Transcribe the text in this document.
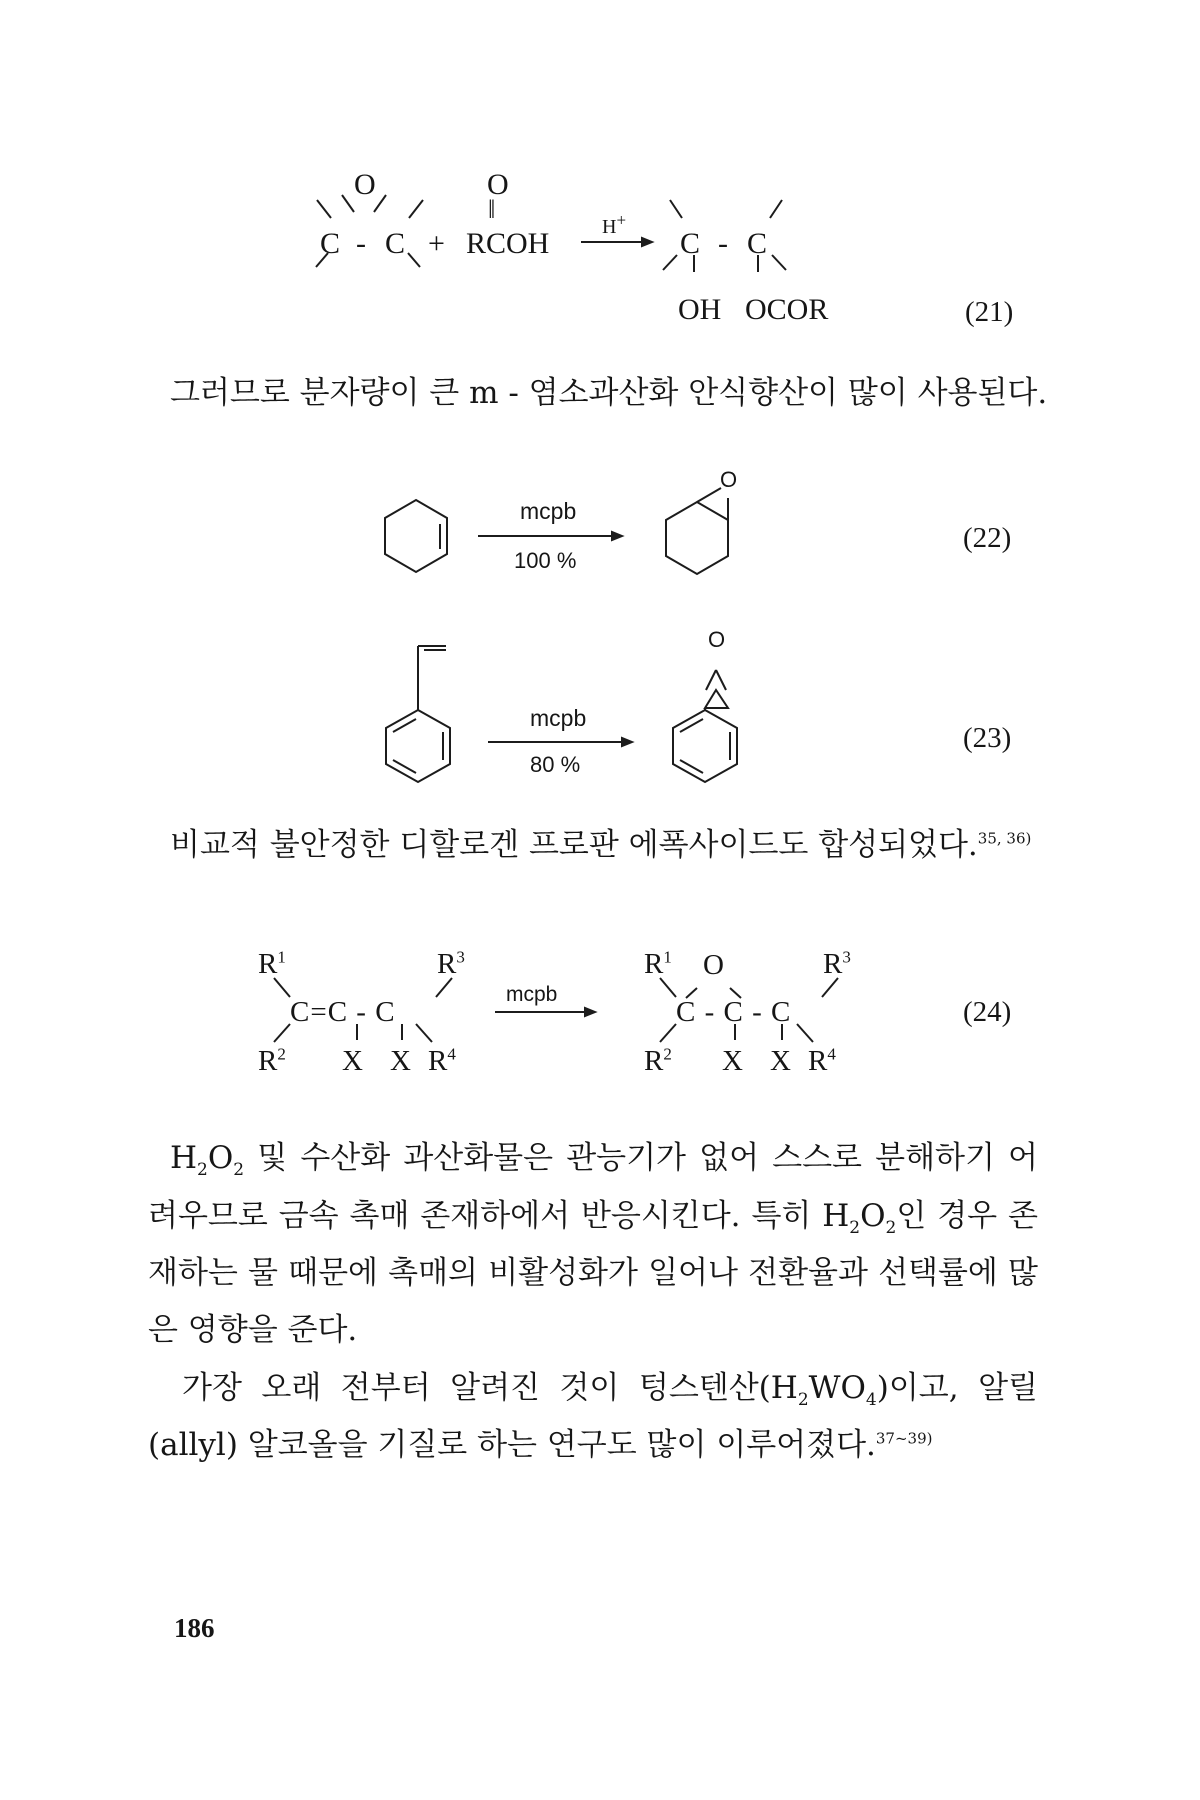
O	O
‖
C - C + RCOH	H+
C - C
OH OCOR	(21)
그러므로 분자량이 큰 m - 염소과산화 안식향산이 많이 사용된다.
mcpb
100 %
O
(22)
mcpb
80 %
O
(23)
비교적 불안정한 디할로겐 프로판 에폭사이드도 합성되었다.$^{35, 36)}$
$R^1$	$R^3$
C=C - C
$R^2$ X X $R^4$
mcpb
$R^1$ O	$R^3$
C - C - C
$R^2$ X X $R^4$
(24)
$H_2O_2$ 및 수산화 과산화물은 관능기가 없어 스스로 분해하기 어
려우므로 금속 촉매 존재하에서 반응시킨다. 특히 $H_2O_2$인 경우 존
재하는 물 때문에 촉매의 비활성화가 일어나 전환율과 선택률에 많
은 영향을 준다.
가장 오래 전부터 알려진 것이 텅스텐산$(H_2WO_4)$이고, 알릴
(allyl) 알코올을 기질로 하는 연구도 많이 이루어졌다.$^{37\sim 39)}$
186
